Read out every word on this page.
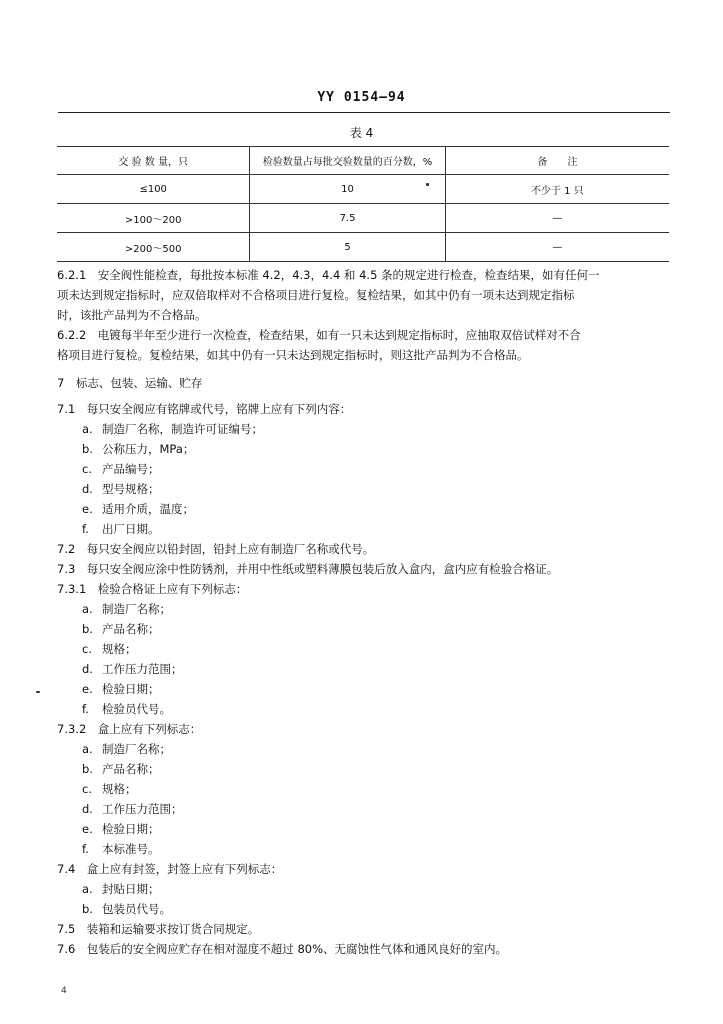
YY 0154—94
表 4
交 验 数 量，只	检验数量占每批交验数量的百分数，%	备　　注
≤100	10	不少于 1 只
>100～200	7.5	—
>200～500	5	—

6.2.1　安全阀性能检查，每批按本标准 4.2，4.3，4.4 和 4.5 条的规定进行检查，检查结果，如有任何一

项未达到规定指标时，应双倍取样对不合格项目进行复检。复检结果，如其中仍有一项未达到规定指标

时，该批产品判为不合格品。

6.2.2　电镀每半年至少进行一次检查，检查结果，如有一只未达到规定指标时，应抽取双倍试样对不合

格项目进行复检。复检结果，如其中仍有一只未达到规定指标时，则这批产品判为不合格品。

7　标志、包装、运输、贮存

7.1　每只安全阀应有铭牌或代号，铭牌上应有下列内容：

a. 制造厂名称，制造许可证编号；

b. 公称压力，MPa；

c. 产品编号；

d. 型号规格；

e. 适用介质，温度；

f. 出厂日期。

7.2　每只安全阀应以铅封固，铅封上应有制造厂名称或代号。

7.3　每只安全阀应涂中性防锈剂，并用中性纸或塑料薄膜包装后放入盒内，盒内应有检验合格证。

7.3.1　检验合格证上应有下列标志：

a. 制造厂名称；

b. 产品名称；

c. 规格；

d. 工作压力范围；

e. 检验日期；

f. 检验员代号。

7.3.2　盒上应有下列标志：

a. 制造厂名称；

b. 产品名称；

c. 规格；

d. 工作压力范围；

e. 检验日期；

f. 本标准号。

7.4　盒上应有封签，封签上应有下列标志：

a. 封贴日期；

b. 包装员代号。

7.5　装箱和运输要求按订货合同规定。

7.6　包装后的安全阀应贮存在相对湿度不超过 80%、无腐蚀性气体和通风良好的室内。

4
